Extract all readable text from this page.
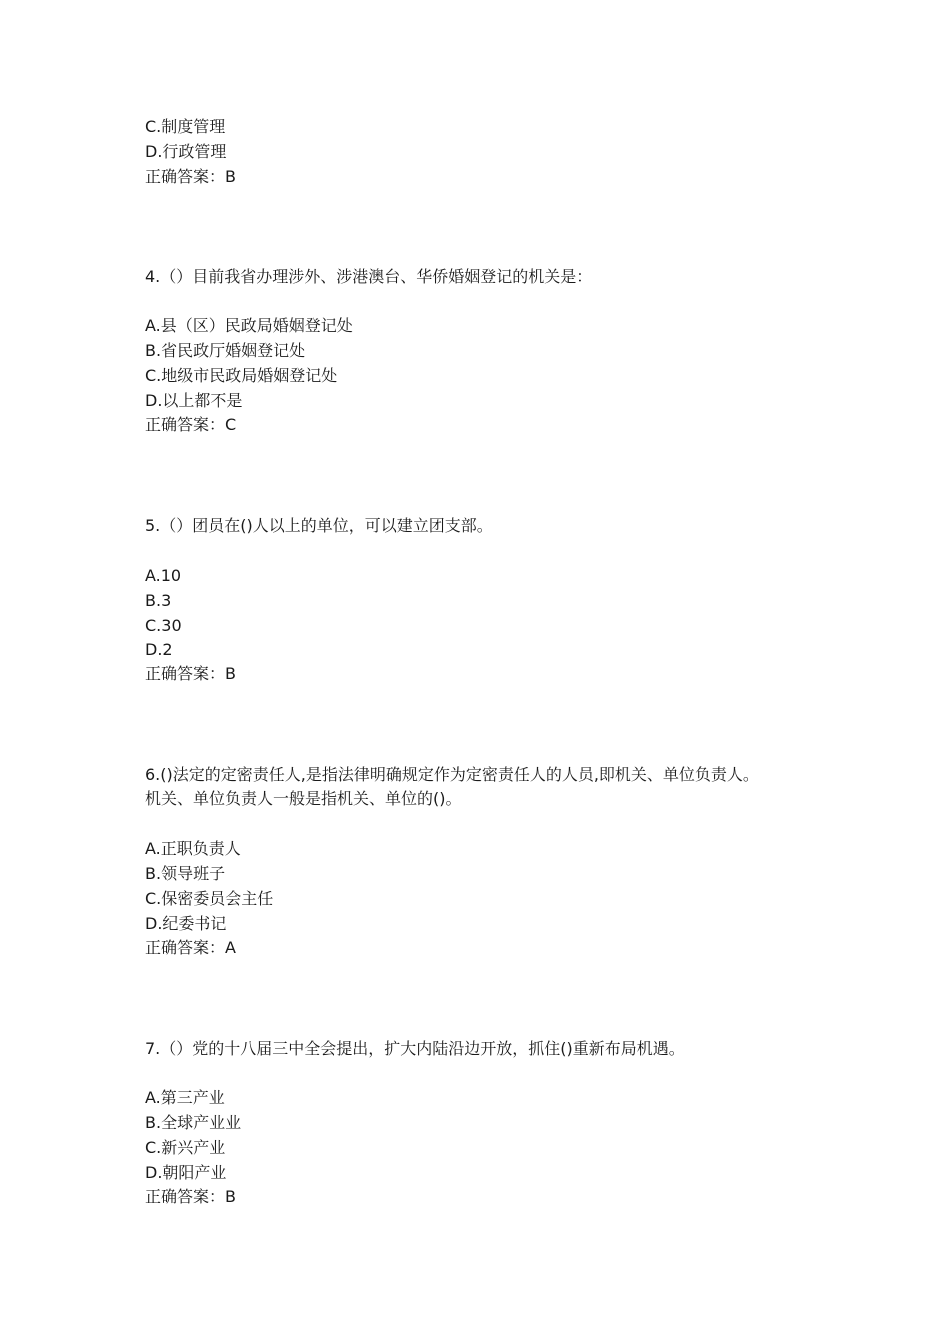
C.制度管理
D.行政管理
正确答案：B
4.（）目前我省办理涉外、涉港澳台、华侨婚姻登记的机关是：
A.县（区）民政局婚姻登记处
B.省民政厅婚姻登记处
C.地级市民政局婚姻登记处
D.以上都不是
正确答案：C
5.（）团员在()人以上的单位，可以建立团支部。
A.10
B.3
C.30
D.2
正确答案：B
6.()法定的定密责任人,是指法律明确规定作为定密责任人的人员,即机关、单位负责人。
机关、单位负责人一般是指机关、单位的()。
A.正职负责人
B.领导班子
C.保密委员会主任
D.纪委书记
正确答案：A
7.（）党的十八届三中全会提出，扩大内陆沿边开放，抓住()重新布局机遇。
A.第三产业
B.全球产业业
C.新兴产业
D.朝阳产业
正确答案：B
